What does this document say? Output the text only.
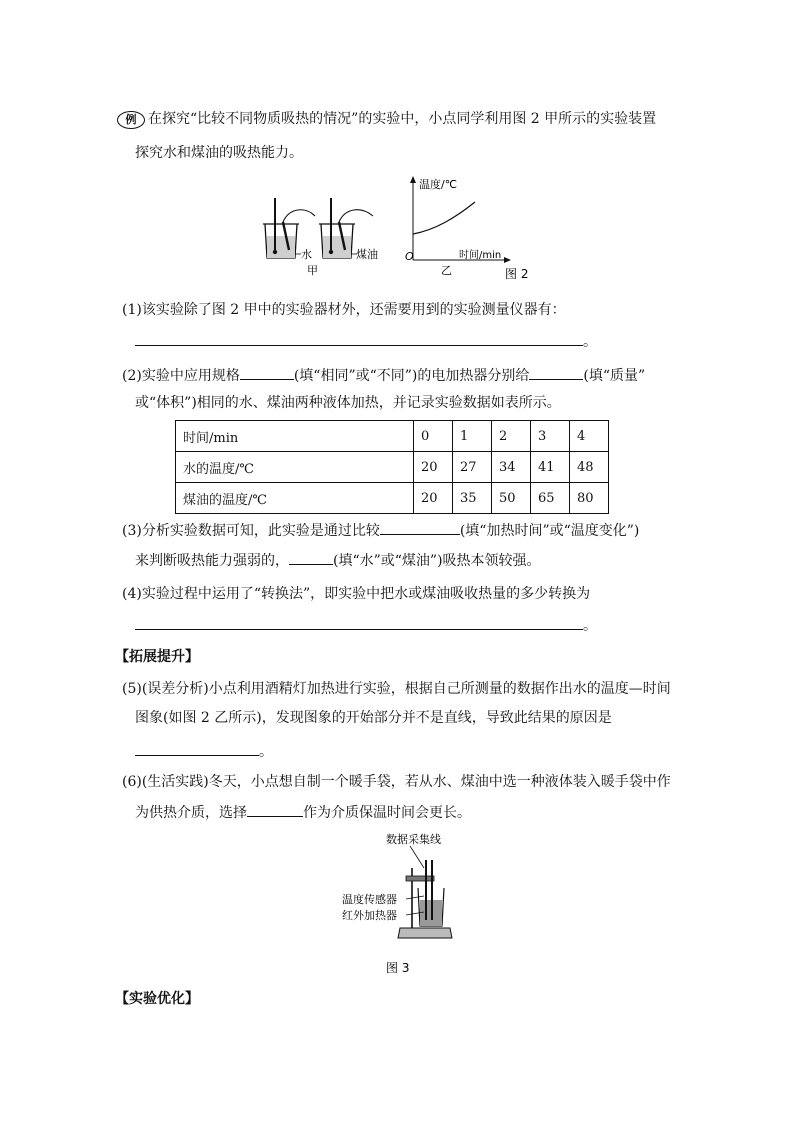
例 在探究“比较不同物质吸热的情况”的实验中，小点同学利用图 2 甲所示的实验装置
探究水和煤油的吸热能力。
水	煤油
甲
温度/℃
时间/min
O
乙	图 2
(1)该实验除了图 2 甲中的实验器材外，还需要用到的实验测量仪器有：
。
(2)实验中应用规格	(填“相同”或“不同”)的电加热器分别给	(填“质量”
或“体积”)相同的水、煤油两种液体加热，并记录实验数据如表所示。
时间/min	0	1	2	3	4
水的温度/℃	20	27	34	41	48
煤油的温度/℃	20	35	50	65	80
(3)分析实验数据可知，此实验是通过比较	(填“加热时间”或“温度变化”)
来判断吸热能力强弱的，	(填“水”或“煤油”)吸热本领较强。
(4)实验过程中运用了“转换法”，即实验中把水或煤油吸收热量的多少转换为
。
【拓展提升】
(5)(误差分析)小点利用酒精灯加热进行实验，根据自己所测量的数据作出水的温度—时间
图象(如图 2 乙所示)，发现图象的开始部分并不是直线，导致此结果的原因是
。
(6)(生活实践)冬天，小点想自制一个暖手袋，若从水、煤油中选一种液体装入暖手袋中作
为供热介质，选择	作为介质保温时间会更长。
数据采集线
温度传感器
红外加热器
图 3
【实验优化】
